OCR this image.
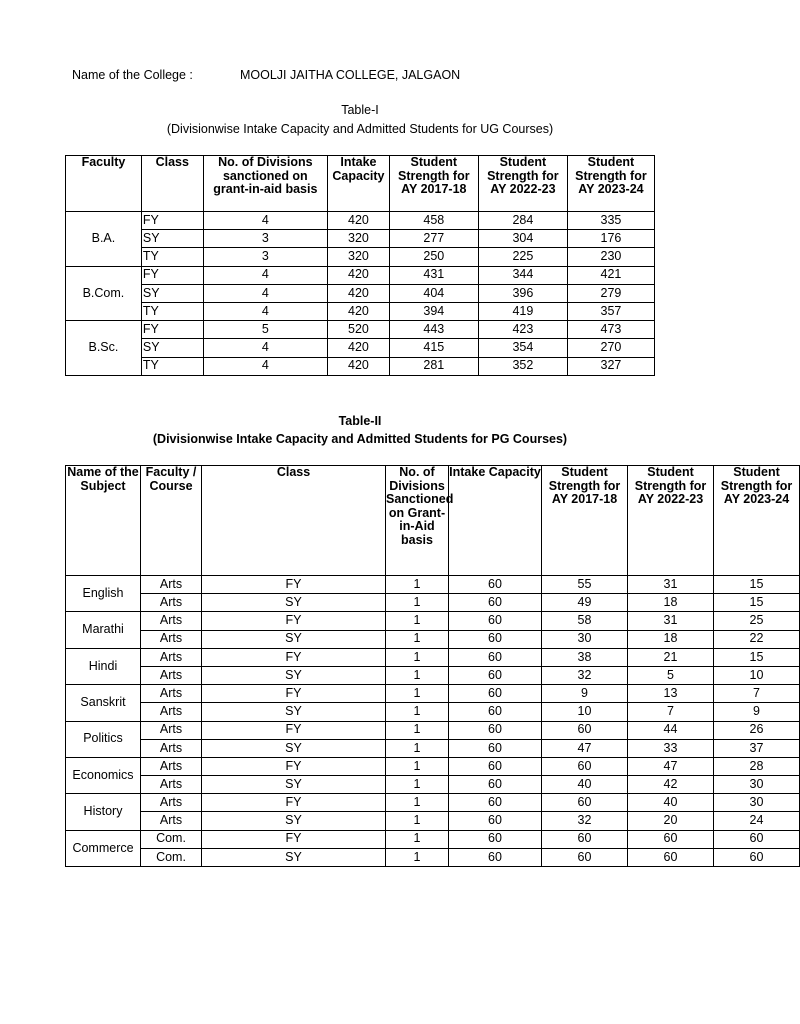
Name of the College :	MOOLJI JAITHA COLLEGE, JALGAON
Table-I
(Divisionwise Intake Capacity and Admitted Students for UG Courses)
Faculty	Class	No. of Divisions sanctioned on grant-in-aid basis	Intake Capacity	Student Strength for AY 2017-18	Student Strength for AY 2022-23	Student Strength for AY 2023-24
B.A.	FY	4	420	458	284	335
	SY	3	320	277	304	176
	TY	3	320	250	225	230
B.Com.	FY	4	420	431	344	421
	SY	4	420	404	396	279
	TY	4	420	394	419	357
B.Sc.	FY	5	520	443	423	473
	SY	4	420	415	354	270
	TY	4	420	281	352	327
Table-II
(Divisionwise Intake Capacity and Admitted Students for PG Courses)
Name of the Subject	Faculty / Course	Class	No. of Divisions Sanctioned on Grant-in-Aid basis	Intake Capacity	Student Strength for AY 2017-18	Student Strength for AY 2022-23	Student Strength for AY 2023-24
English	Arts	FY	1	60	55	31	15
	Arts	SY	1	60	49	18	15
Marathi	Arts	FY	1	60	58	31	25
	Arts	SY	1	60	30	18	22
Hindi	Arts	FY	1	60	38	21	15
	Arts	SY	1	60	32	5	10
Sanskrit	Arts	FY	1	60	9	13	7
	Arts	SY	1	60	10	7	9
Politics	Arts	FY	1	60	60	44	26
	Arts	SY	1	60	47	33	37
Economics	Arts	FY	1	60	60	47	28
	Arts	SY	1	60	40	42	30
History	Arts	FY	1	60	60	40	30
	Arts	SY	1	60	32	20	24
Commerce	Com.	FY	1	60	60	60	60
	Com.	SY	1	60	60	60	60
